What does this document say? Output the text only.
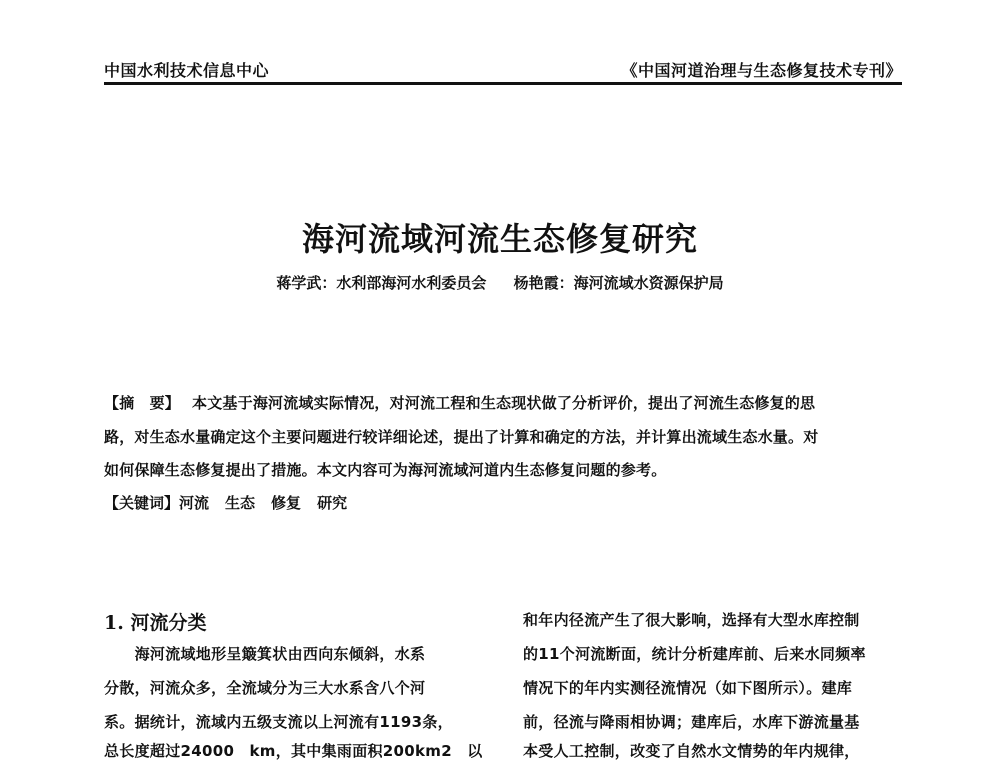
中国水利技术信息中心	《中国河道治理与生态修复技术专刊》
海河流域河流生态修复研究
蒋学武：水利部海河水利委员会 杨艳霞：海河流域水资源保护局
【摘　要】 本文基于海河流域实际情况，对河流工程和生态现状做了分析评价，提出了河流生态修复的思
路，对生态水量确定这个主要问题进行较详细论述，提出了计算和确定的方法，并计算出流域生态水量。对
如何保障生态修复提出了措施。本文内容可为海河流域河道内生态修复问题的参考。
【关键词】河流 生态 修复 研究
1. 河流分类
　　海河流域地形呈簸箕状由西向东倾斜，水系
分散，河流众多，全流域分为三大水系含八个河
系。据统计，流域内五级支流以上河流有1193条，
总长度超过24000　km，其中集雨面积200km2　以
和年内径流产生了很大影响，选择有大型水库控制
的11个河流断面，统计分析建库前、后来水同频率
情况下的年内实测径流情况（如下图所示）。建库
前，径流与降雨相协调；建库后，水库下游流量基
本受人工控制，改变了自然水文情势的年内规律，
